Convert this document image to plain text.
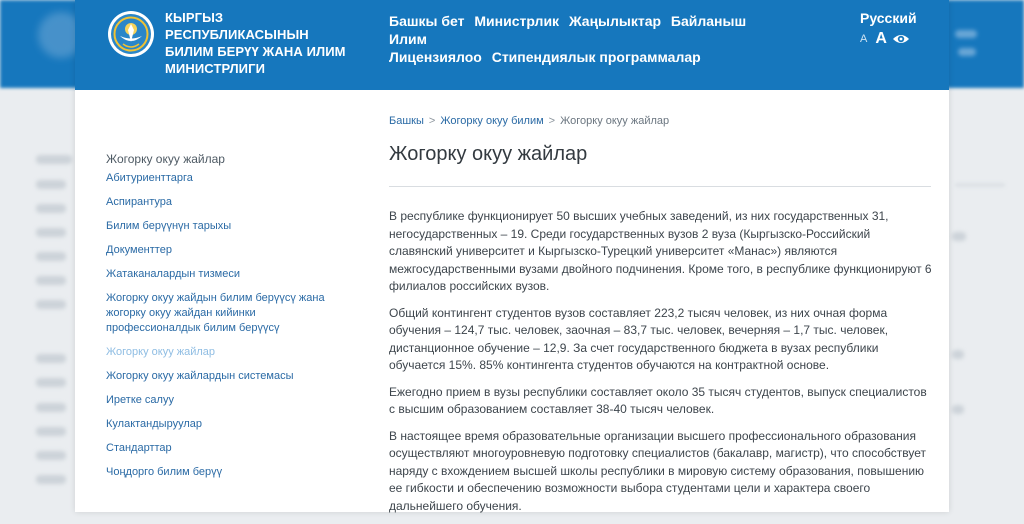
КЫРГЫЗ
РЕСПУБЛИКАСЫНЫН
БИЛИМ БЕРҮҮ ЖАНА ИЛИМ
МИНИСТРЛИГИ
Башкы бет Министрлик Жаңылыктар Байланыш Илим
Лицензиялоо Стипендиялык программалар
Русский
A A
Жогорку окуу жайлар
Абитуриенттарга
Аспирантура
Билим берүүнүн тарыхы
Документтер
Жатаканалардын тизмеси
Жогорку окуу жайдын билим берүүсү жана жогорку окуу жайдан кийинки профессионалдык билим берүүсү
Жогорку окуу жайлар
Жогорку окуу жайлардын системасы
Иретке салуу
Кулактандыруулар
Стандарттар
Чоңдорго билим берүү
Башкы > Жогорку окуу билим > Жогорку окуу жайлар
Жогорку окуу жайлар

В республике функционирует 50 высших учебных заведений, из них государственных 31, негосударственных – 19. Среди государственных вузов 2 вуза (Кыргызско-Российский славянский университет и Кыргызско-Турецкий университет «Манас») являются межгосударственными вузами двойного подчинения. Кроме того, в республике функционируют 6 филиалов российских вузов.

Общий контингент студентов вузов составляет 223,2 тысяч человек, из них очная форма обучения – 124,7 тыс. человек, заочная – 83,7 тыс. человек, вечерняя – 1,7 тыс. человек, дистанционное обучение – 12,9. За счет государственного бюджета в вузах республики обучается 15%. 85% контингента студентов обучаются на контрактной основе.

Ежегодно прием в вузы республики составляет около 35 тысяч студентов, выпуск специалистов с высшим образованием составляет 38-40 тысяч человек.

В настоящее время образовательные организации высшего профессионального образования осуществляют многоуровневую подготовку специалистов (бакалавр, магистр), что способствует наряду с вхождением высшей школы республики в мировую систему образования, повышению ее гибкости и обеспечению возможности выбора студентами цели и характера своего дальнейшего обучения.
